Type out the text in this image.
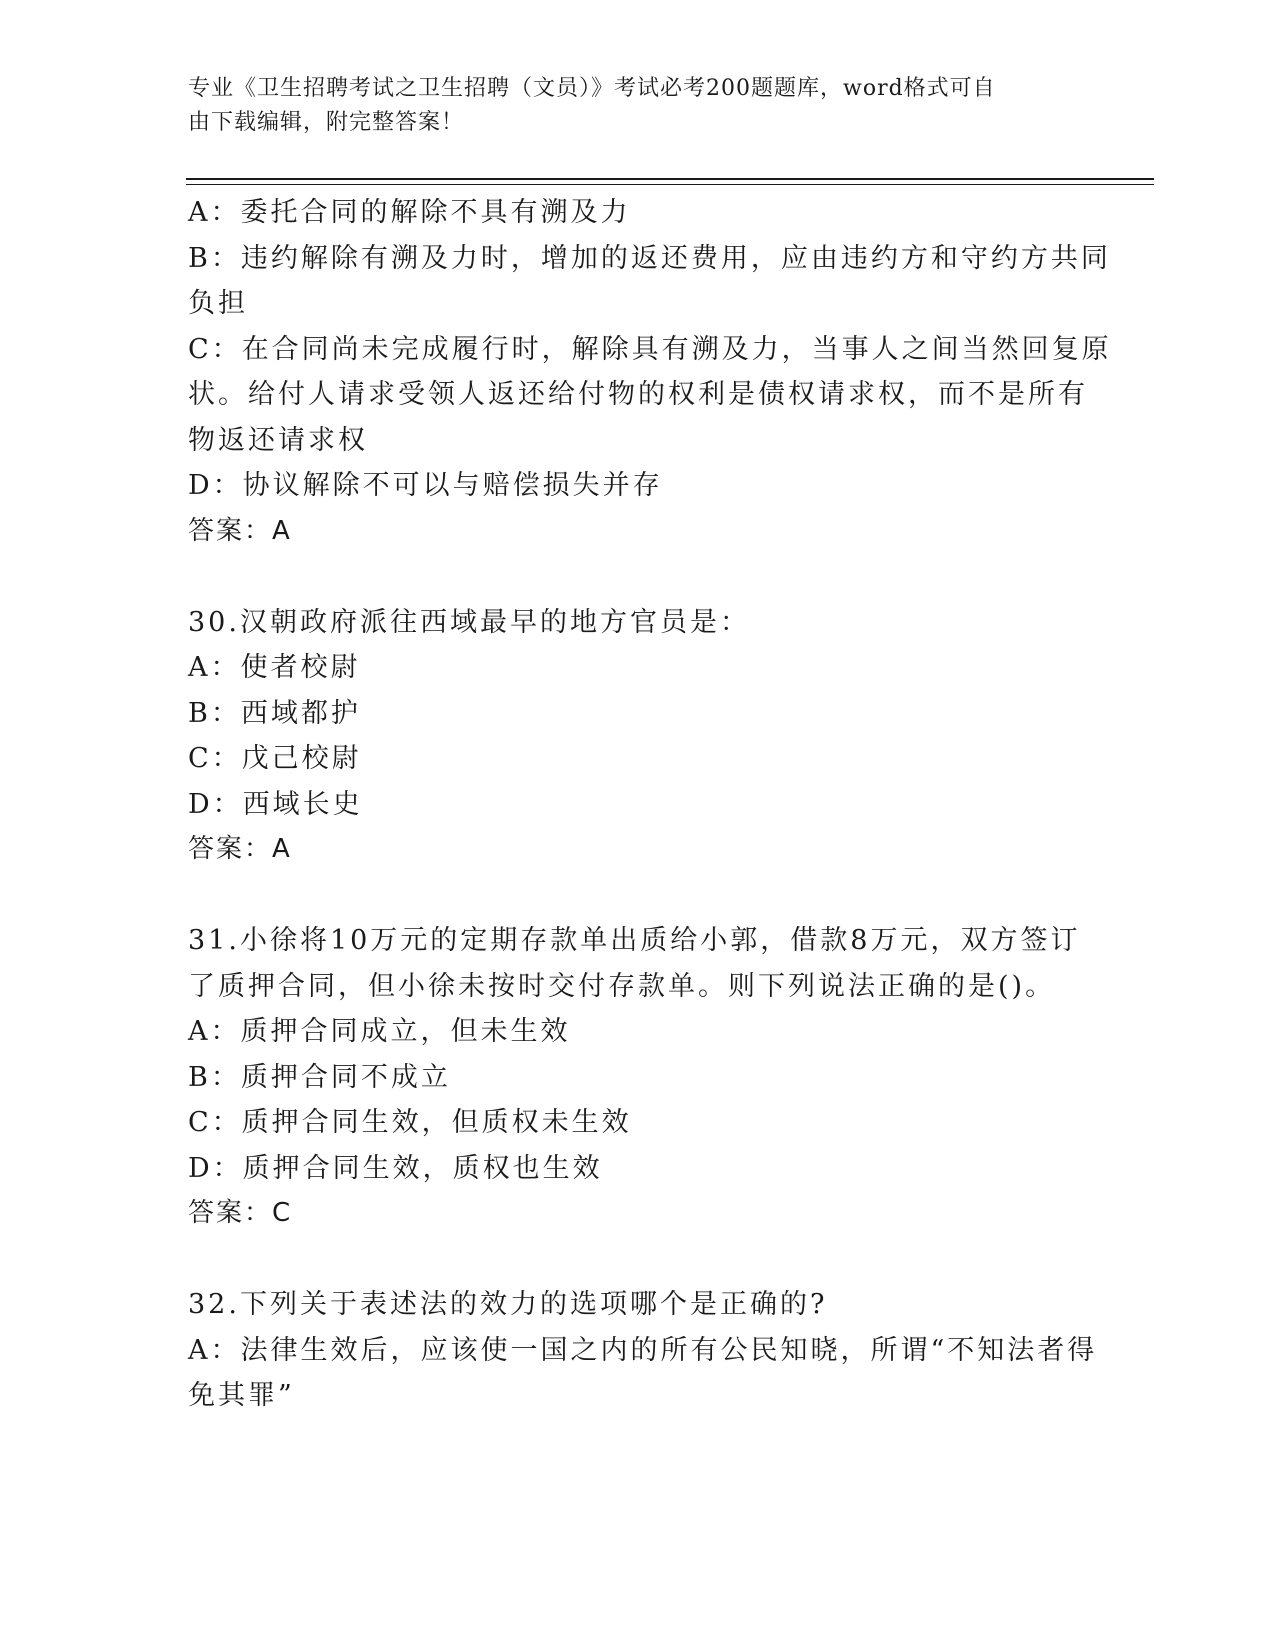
专业《卫生招聘考试之卫生招聘（文员）》考试必考200题题库，word格式可自
由下载编辑，附完整答案！
A：委托合同的解除不具有溯及力
B：违约解除有溯及力时，增加的返还费用，应由违约方和守约方共同
负担
C：在合同尚未完成履行时，解除具有溯及力，当事人之间当然回复原
状。给付人请求受领人返还给付物的权利是债权请求权，而不是所有
物返还请求权
D：协议解除不可以与赔偿损失并存
答案：A
30.汉朝政府派往西域最早的地方官员是：
A：使者校尉
B：西域都护
C：戊己校尉
D：西域长史
答案：A
31.小徐将10万元的定期存款单出质给小郭，借款8万元，双方签订
了质押合同，但小徐未按时交付存款单。则下列说法正确的是()。
A：质押合同成立，但未生效
B：质押合同不成立
C：质押合同生效，但质权未生效
D：质押合同生效，质权也生效
答案：C
32.下列关于表述法的效力的选项哪个是正确的?
A：法律生效后，应该使一国之内的所有公民知晓，所谓“不知法者得
免其罪”
